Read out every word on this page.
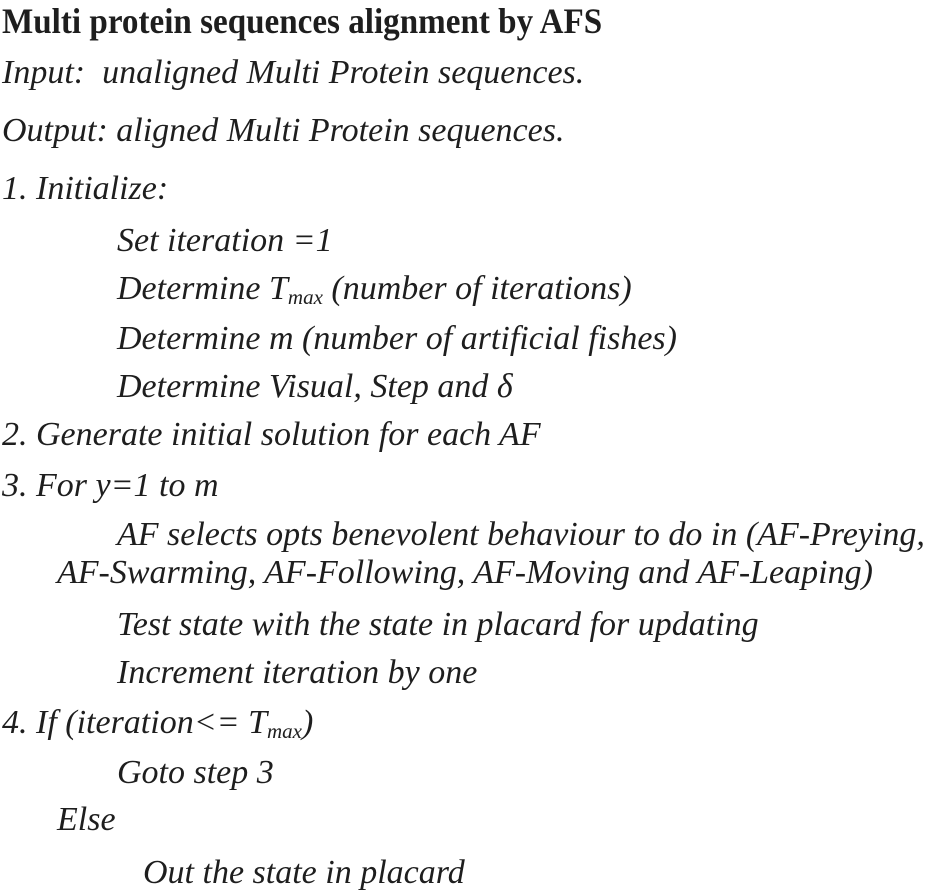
Multi protein sequences alignment by AFS
Input:  unaligned Multi Protein sequences.
Output: aligned Multi Protein sequences.
1. Initialize:
Set iteration =1
Determine $T_{max}$ (number of iterations)
Determine m (number of artificial fishes)
Determine Visual, Step and δ
2. Generate initial solution for each AF
3. For y=1 to m
AF selects opts benevolent behaviour to do in (AF-Preying,
AF-Swarming, AF-Following, AF-Moving and AF-Leaping)
Test state with the state in placard for updating
Increment iteration by one
4. If (iteration<= $T_{max}$)
Goto step 3
Else
Out the state in placard
